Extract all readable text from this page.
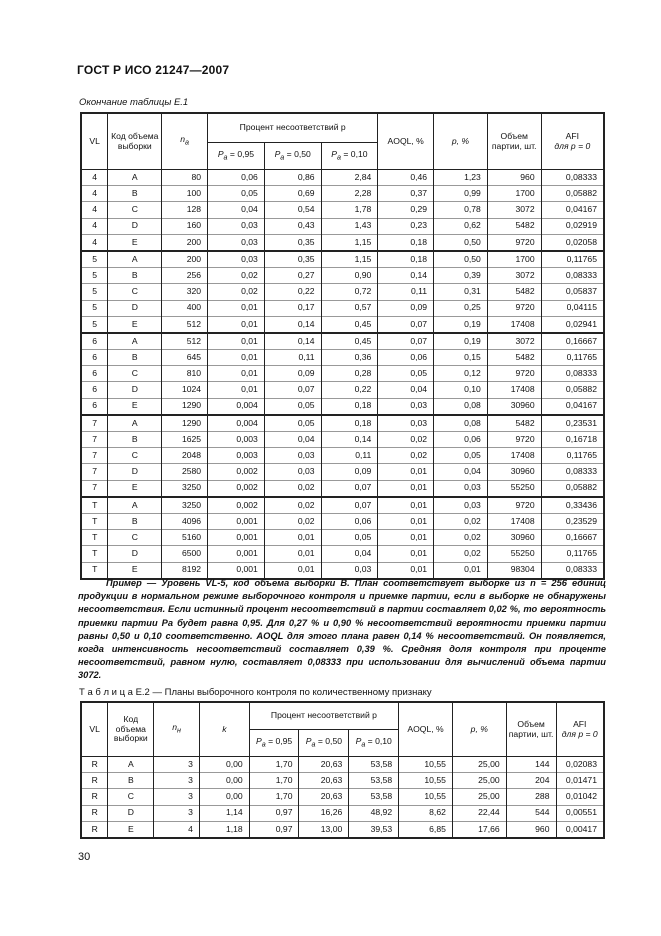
ГОСТ Р ИСО 21247—2007
Окончание таблицы Е.1
VL	Код объема выборки	$n_a$	Процент несоответствий p			AOQL, %	p, %	Объем партии, шт.	AFI
для p = 0

			$P_a = 0,95$	$P_a = 0,50$	$P_a = 0,10$				
4	A	80	0,06	0,86	2,84	0,46	1,23	960	0,08333
4	B	100	0,05	0,69	2,28	0,37	0,99	1700	0,05882
4	C	128	0,04	0,54	1,78	0,29	0,78	3072	0,04167
4	D	160	0,03	0,43	1,43	0,23	0,62	5482	0,02919
4	E	200	0,03	0,35	1,15	0,18	0,50	9720	0,02058
5	A	200	0,03	0,35	1,15	0,18	0,50	1700	0,11765
5	B	256	0,02	0,27	0,90	0,14	0,39	3072	0,08333
5	C	320	0,02	0,22	0,72	0,11	0,31	5482	0,05837
5	D	400	0,01	0,17	0,57	0,09	0,25	9720	0,04115
5	E	512	0,01	0,14	0,45	0,07	0,19	17408	0,02941
6	A	512	0,01	0,14	0,45	0,07	0,19	3072	0,16667
6	B	645	0,01	0,11	0,36	0,06	0,15	5482	0,11765
6	C	810	0,01	0,09	0,28	0,05	0,12	9720	0,08333
6	D	1024	0,01	0,07	0,22	0,04	0,10	17408	0,05882
6	E	1290	0,004	0,05	0,18	0,03	0,08	30960	0,04167
7	A	1290	0,004	0,05	0,18	0,03	0,08	5482	0,23531
7	B	1625	0,003	0,04	0,14	0,02	0,06	9720	0,16718
7	C	2048	0,003	0,03	0,11	0,02	0,05	17408	0,11765
7	D	2580	0,002	0,03	0,09	0,01	0,04	30960	0,08333
7	E	3250	0,002	0,02	0,07	0,01	0,03	55250	0,05882
T	A	3250	0,002	0,02	0,07	0,01	0,03	9720	0,33436
T	B	4096	0,001	0,02	0,06	0,01	0,02	17408	0,23529
T	C	5160	0,001	0,01	0,05	0,01	0,02	30960	0,16667
T	D	6500	0,001	0,01	0,04	0,01	0,02	55250	0,11765
T	E	8192	0,001	0,01	0,03	0,01	0,01	98304	0,08333
Пример — Уровень VL-5, код объема выборки B. План соответствует выборке из n = 256 единиц продукции в нормальном режиме выборочного контроля и приемке партии, если в выборке не обнаружены несоответствия. Если истинный процент несоответствий в партии составляет 0,02 %, то вероятность приемки партии Pa будет равна 0,95. Для 0,27 % и 0,90 % несоответствий вероятности приемки партии равны 0,50 и 0,10 соответственно. AOQL для этого плана равен 0,14 % несоответствий. Он появляется, когда интенсивность несоответствий составляет 0,39 %. Средняя доля контроля при проценте несоответствий, равном нулю, составляет 0,08333 при использовании для вычислений объема партии 3072.
Т а б л и ц а Е.2 — Планы выборочного контроля по количественному признаку
VL	Код объема выборки	$n_н$	k	Процент несоответствий p			AOQL, %	p, %	Объем партии, шт.	AFI
для p = 0

				$P_a = 0,95$	$P_a = 0,50$	$P_a = 0,10$				
R	A	3	0,00	1,70	20,63	53,58	10,55	25,00	144	0,02083
R	B	3	0,00	1,70	20,63	53,58	10,55	25,00	204	0,01471
R	C	3	0,00	1,70	20,63	53,58	10,55	25,00	288	0,01042
R	D	3	1,14	0,97	16,26	48,92	8,62	22,44	544	0,00551
R	E	4	1,18	0,97	13,00	39,53	6,85	17,66	960	0,00417
30
